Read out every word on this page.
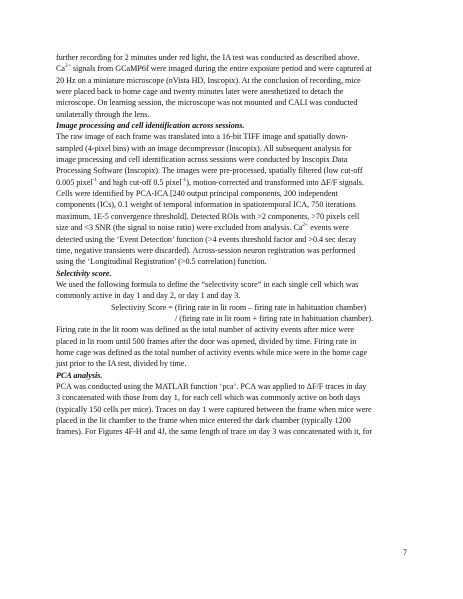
further recording for 2 minutes under red light, the IA test was conducted as described above.
$Ca^{2+}$ signals from GCaMP6f were imaged during the entire exposure period and were captured at
20 Hz on a miniature microscope (nVista HD, Inscopix). At the conclusion of recording, mice
were placed back to home cage and twenty minutes later were anesthetized to detach the
microscope. On learning session, the microscope was not mounted and CALI was conducted
unilaterally through the lens.

Image processing and cell identification across sessions.
The raw image of each frame was translated into a 16-bit TIFF image and spatially down-
sampled (4-pixel bins) with an image decompressor (Inscopix). All subsequent analysis for
image processing and cell identification across sessions were conducted by Inscopix Data
Processing Software (Inscopix). The images were pre-processed, spatially filtered (low cut-off
0.005 pixel$^{-1}$ and high cut-off 0.5 pixel$^{-1}$), motion-corrected and transformed into ΔF/F signals.
Cells were identified by PCA-ICA [240 output principal components, 200 independent
components (ICs), 0.1 weight of temporal information in spatiotemporal ICA, 750 iterations
maximum, 1E-5 convergence threshold]. Detected ROIs with >2 components, >70 pixels cell
size and <3 SNR (the signal to noise ratio) were excluded from analysis. $Ca^{2+}$ events were
detected using the ‘Event Detection’ function (>4 events threshold factor and >0.4 sec decay
time, negative transients were discarded). Across-session neuron registration was performed
using the ‘Longitudinal Registration’ (>0.5 correlation) function.

Selectivity score.
We used the following formula to define the “selectivity score” in each single cell which was
commonly active in day 1 and day 2, or day 1 and day 3.

Selectivity Score = (firing rate in lit room – firing rate in habituation chamber)
/ (firing rate in lit room + firing rate in habituation chamber).

Firing rate in the lit room was defined as the total number of activity events after mice were
placed in lit room until 500 frames after the door was opened, divided by time. Firing rate in
home cage was defined as the total number of activity events while mice were in the home cage
just prior to the IA test, divided by time.

PCA analysis.
PCA was conducted using the MATLAB function ‘pca’. PCA was applied to ΔF/F traces in day
3 concatenated with those from day 1, for each cell which was commonly active on both days
(typically 150 cells per mice). Traces on day 1 were captured between the frame when mice were
placed in the lit chamber to the frame when mice entered the dark chamber (typically 1200
frames). For Figures 4F-H and 4J, the same length of trace on day 3 was concatenated with it, for

7
